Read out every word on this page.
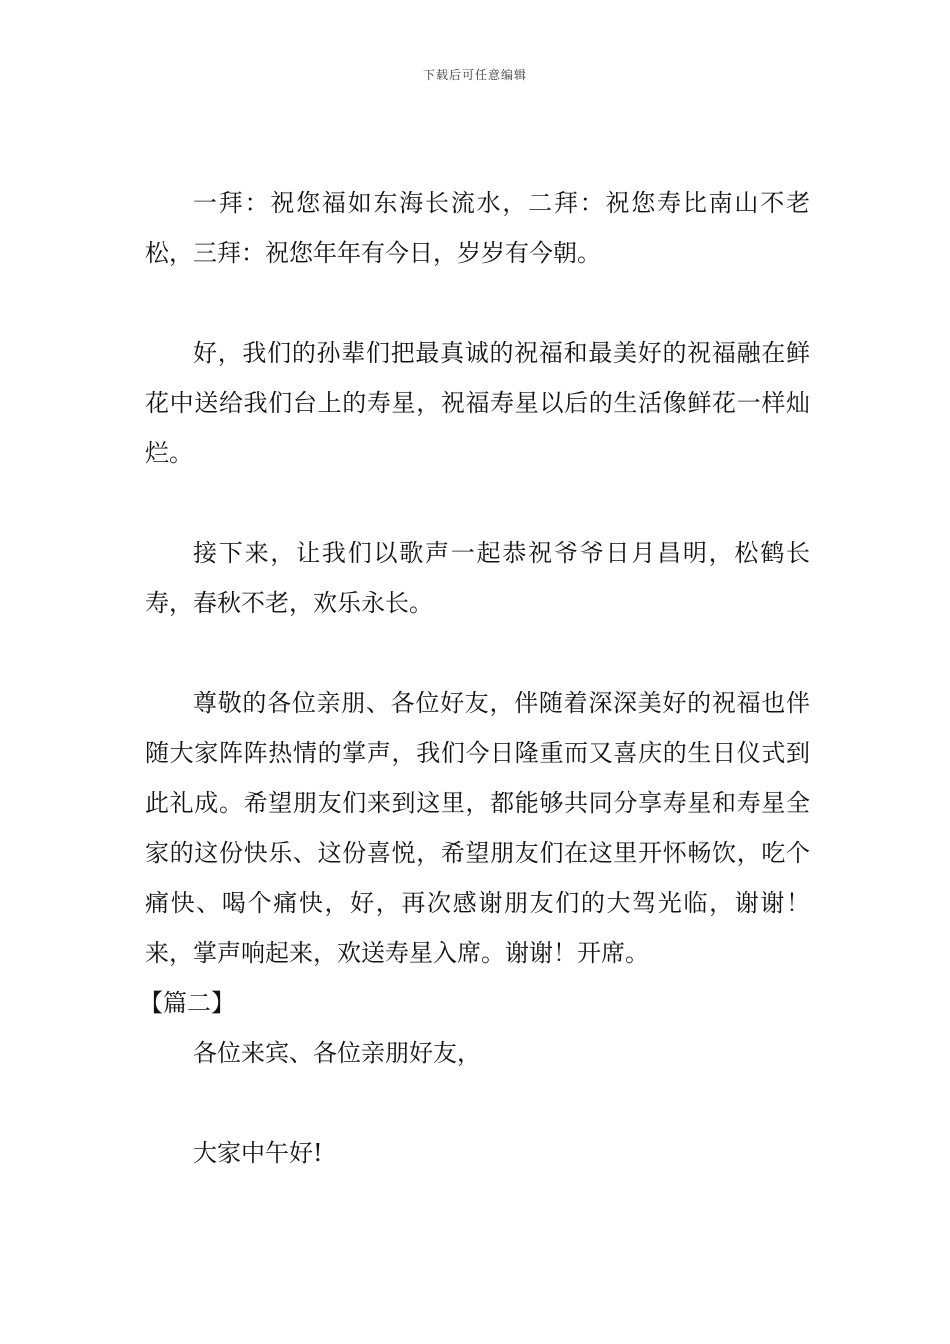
下载后可任意编辑

一拜：祝您福如东海长流水，二拜：祝您寿比南山不老松，三拜：祝您年年有今日，岁岁有今朝。

好，我们的孙辈们把最真诚的祝福和最美好的祝福融在鲜花中送给我们台上的寿星，祝福寿星以后的生活像鲜花一样灿烂。

接下来，让我们以歌声一起恭祝爷爷日月昌明，松鹤长寿，春秋不老，欢乐永长。

尊敬的各位亲朋、各位好友，伴随着深深美好的祝福也伴随大家阵阵热情的掌声，我们今日隆重而又喜庆的生日仪式到此礼成。希望朋友们来到这里，都能够共同分享寿星和寿星全家的这份快乐、这份喜悦，希望朋友们在这里开怀畅饮，吃个痛快、喝个痛快，好，再次感谢朋友们的大驾光临，谢谢！来，掌声响起来，欢送寿星入席。谢谢！开席。

【篇二】

各位来宾、各位亲朋好友，

大家中午好!
